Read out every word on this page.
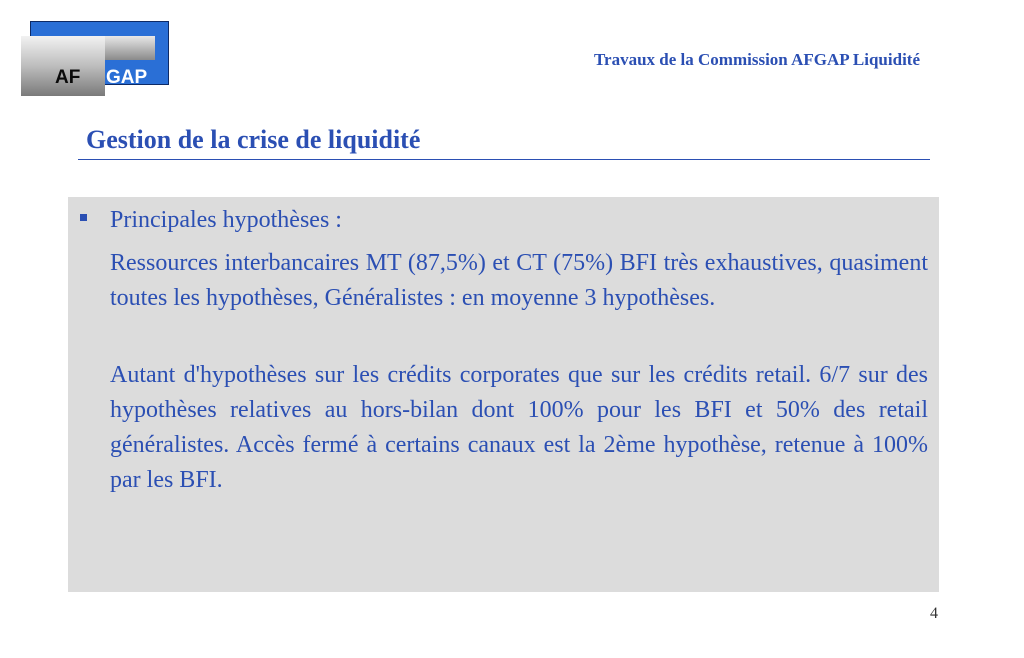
AF GAP
Travaux de la Commission AFGAP Liquidité
Gestion de la crise de liquidité
Principales hypothèses :

Ressources interbancaires MT (87,5%) et CT (75%) BFI très exhaustives, quasiment toutes les hypothèses, Généralistes : en moyenne 3 hypothèses.

Autant d'hypothèses sur les crédits corporates que sur les crédits retail. 6/7 sur des hypothèses relatives au hors-bilan dont 100% pour les BFI et 50% des retail généralistes. Accès fermé à certains canaux est la 2ème hypothèse, retenue à 100% par les BFI.

4
